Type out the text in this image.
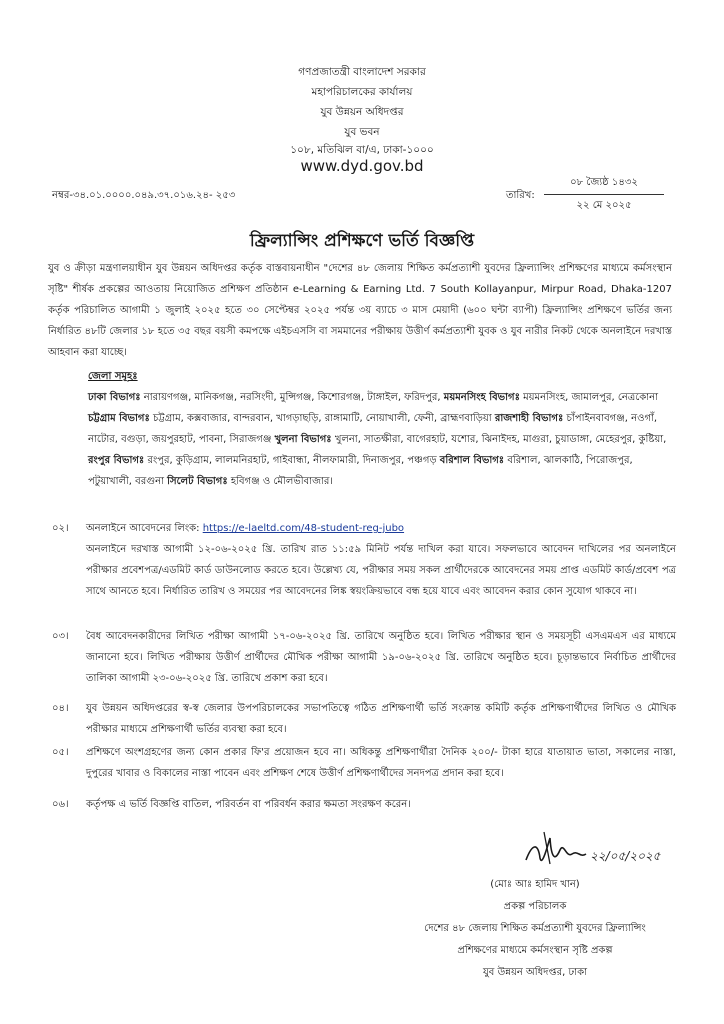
গণপ্রজাতন্ত্রী বাংলাদেশ সরকার
মহাপরিচালকের কার্যালয়
যুব উন্নয়ন অধিদপ্তর
যুব ভবন
১০৮, মতিঝিল বা/এ, ঢাকা-১০০০
www.dyd.gov.bd
নম্বর-৩৪.০১.০০০০.০৪৯.৩৭.০১৬.২৪- ২৫৩	তারিখ:
০৮ জ্যৈষ্ঠ ১৪৩২
২২ মে ২০২৫
ফ্রিল্যান্সিং প্রশিক্ষণে ভর্তি বিজ্ঞপ্তি
যুব ও ক্রীড়া মন্ত্রণালয়াধীন যুব উন্নয়ন অধিদপ্তর কর্তৃক বাস্তবায়নাধীন "দেশের ৪৮ জেলায় শিক্ষিত কর্মপ্রত্যাশী যুবদের ফ্রিল্যান্সিং প্রশিক্ষণের মাধ্যমে কর্মসংস্থান সৃষ্টি" শীর্ষক প্রকল্পের আওতায় নিয়োজিত প্রশিক্ষণ প্রতিষ্ঠান e-Learning & Earning Ltd. 7 South Kollayanpur, Mirpur Road, Dhaka-1207 কর্তৃক পরিচালিত আগামী ১ জুলাই ২০২৫ হতে ৩০ সেপ্টেম্বর ২০২৫ পর্যন্ত ৩য় ব্যাচে ৩ মাস মেয়াদী (৬০০ ঘন্টা ব্যাপী) ফ্রিল্যান্সিং প্রশিক্ষণে ভর্তির জন্য নির্ধারিত ৪৮টি জেলার ১৮ হতে ৩৫ বছর বয়সী কমপক্ষে এইচএসসি বা সমমানের পরীক্ষায় উত্তীর্ণ কর্মপ্রত্যাশী যুবক ও যুব নারীর নিকট থেকে অনলাইনে দরখাস্ত আহবান করা যাচ্ছে।
জেলা সমূহঃ
ঢাকা বিভাগঃ নারায়ণগঞ্জ, মানিকগঞ্জ, নরসিংদী, মুন্সিগঞ্জ, কিশোরগঞ্জ, টাঙ্গাইল, ফরিদপুর, ময়মনসিংহ বিভাগঃ ময়মনসিংহ, জামালপুর, নেত্রকোনা চট্টগ্রাম বিভাগঃ চট্টগ্রাম, কক্সবাজার, বান্দরবান, খাগড়াছড়ি, রাঙ্গামাটি, নোয়াখালী, ফেনী, ব্রাহ্মণবাড়িয়া রাজশাহী বিভাগঃ চাঁপাইনবাবগঞ্জ, নওগাঁ, নাটোর, বগুড়া, জয়পুরহাট, পাবনা, সিরাজগঞ্জ খুলনা বিভাগঃ খুলনা, সাতক্ষীরা, বাগেরহাট, যশোর, ঝিনাইদহ, মাগুরা, চুয়াডাঙ্গা, মেহেরপুর, কুষ্টিয়া, রংপুর বিভাগঃ রংপুর, কুড়িগ্রাম, লালমনিরহাট, গাইবান্ধা, নীলফামারী, দিনাজপুর, পঞ্চগড় বরিশাল বিভাগঃ বরিশাল, ঝালকাঠি, পিরোজপুর, পটুয়াখালী, বরগুনা সিলেট বিভাগঃ হবিগঞ্জ ও মৌলভীবাজার।
০২।	অনলাইনে আবেদনের লিংক: https://e-laeltd.com/48-student-reg-jubo
অনলাইনে দরখাস্ত আগামী ১২-০৬-২০২৫ খ্রি. তারিখ রাত ১১:৫৯ মিনিট পর্যন্ত দাখিল করা যাবে। সফলভাবে আবেদন দাখিলের পর অনলাইনে পরীক্ষার প্রবেশপত্র/এডমিট কার্ড ডাউনলোড করতে হবে। উল্লেখ্য যে, পরীক্ষার সময় সকল প্রার্থীদেরকে আবেদনের সময় প্রাপ্ত এডমিট কার্ড/প্রবেশ পত্র সাথে আনতে হবে। নির্ধারিত তারিখ ও সময়ের পর আবেদনের লিঙ্ক স্বয়ংক্রিয়ভাবে বন্ধ হয়ে যাবে এবং আবেদন করার কোন সুযোগ থাকবে না।
০৩।	বৈধ আবেদনকারীদের লিখিত পরীক্ষা আগামী ১৭-০৬-২০২৫ খ্রি. তারিখে অনুষ্ঠিত হবে। লিখিত পরীক্ষার স্থান ও সময়সূচী এসএমএস এর মাধ্যমে জানানো হবে। লিখিত পরীক্ষায় উত্তীর্ণ প্রার্থীদের মৌখিক পরীক্ষা আগামী ১৯-০৬-২০২৫ খ্রি. তারিখে অনুষ্ঠিত হবে। চূড়ান্তভাবে নির্বাচিত প্রার্থীদের তালিকা আগামী ২৩-০৬-২০২৫ খ্রি. তারিখে প্রকাশ করা হবে।
০৪।	যুব উন্নয়ন অধিদপ্তরের স্ব-স্ব জেলার উপপরিচালকের সভাপতিত্বে গঠিত প্রশিক্ষণার্থী ভর্তি সংক্রান্ত কমিটি কর্তৃক প্রশিক্ষণার্থীদের লিখিত ও মৌখিক পরীক্ষার মাধ্যমে প্রশিক্ষণার্থী ভর্তির ব্যবস্থা করা হবে।
০৫।	প্রশিক্ষণে অংশগ্রহণের জন্য কোন প্রকার ফি'র প্রয়োজন হবে না। অধিকন্তু প্রশিক্ষণার্থীরা দৈনিক ২০০/- টাকা হারে যাতায়াত ভাতা, সকালের নাস্তা, দুপুরের খাবার ও বিকালের নাস্তা পাবেন এবং প্রশিক্ষণ শেষে উত্তীর্ণ প্রশিক্ষণার্থীদের সনদপত্র প্রদান করা হবে।
০৬।	কর্তৃপক্ষ এ ভর্তি বিজ্ঞপ্তি বাতিল, পরিবর্তন বা পরিবর্ধন করার ক্ষমতা সংরক্ষণ করেন।
২২/০৫/২০২৫
(মোঃ আঃ হামিদ খান)
প্রকল্প পরিচালক
দেশের ৪৮ জেলায় শিক্ষিত কর্মপ্রত্যাশী যুবদের ফ্রিল্যান্সিং
প্রশিক্ষণের মাধ্যমে কর্মসংস্থান সৃষ্টি প্রকল্প
যুব উন্নয়ন অধিদপ্তর, ঢাকা
